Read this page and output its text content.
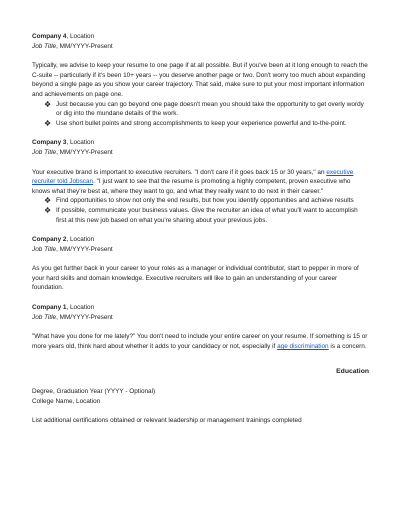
Company 4, Location

Job Title, MM/YYYY-Present

Typically, we advise to keep your resume to one page if at all possible. But if you've been at it long enough to reach the C-suite -- particularly if it's been 10+ years -- you deserve another page or two. Don't worry too much about expanding beyond a single page as you show your career trajectory. That said, make sure to put your most important information and achievements on page one.

❖ Just because you can go beyond one page doesn't mean you should take the opportunity to get overly wordy or dig into the mundane details of the work.
❖ Use short bullet points and strong accomplishments to keep your experience powerful and to-the-point.

Company 3, Location

Job Title, MM/YYYY-Present

Your executive brand is important to executive recruiters. "I don't care if it goes back 15 or 30 years," an executive recruiter told Jobscan. "I just want to see that the resume is promoting a highly competent, proven executive who knows what they're best at, where they want to go, and what they really want to do next in their career."

❖ Find opportunities to show not only the end results, but how you identify opportunities and achieve results
❖ If possible, communicate your business values. Give the recruiter an idea of what you'll want to accomplish first at this new job based on what you're sharing about your previous jobs.

Company 2, Location

Job Title, MM/YYYY-Present

As you get further back in your career to your roles as a manager or individual contributor, start to pepper in more of your hard skills and domain knowledge. Executive recruiters will like to gain an understanding of your career foundation.

Company 1, Location

Job Title, MM/YYYY-Present

"What have you done for me lately?" You don't need to include your entire career on your resume. If something is 15 or more years old, think hard about whether it adds to your candidacy or not, especially if age discrimination is a concern.

Education

Degree, Graduation Year (YYYY - Optional)

College Name, Location

List additional certifications obtained or relevant leadership or management trainings completed
